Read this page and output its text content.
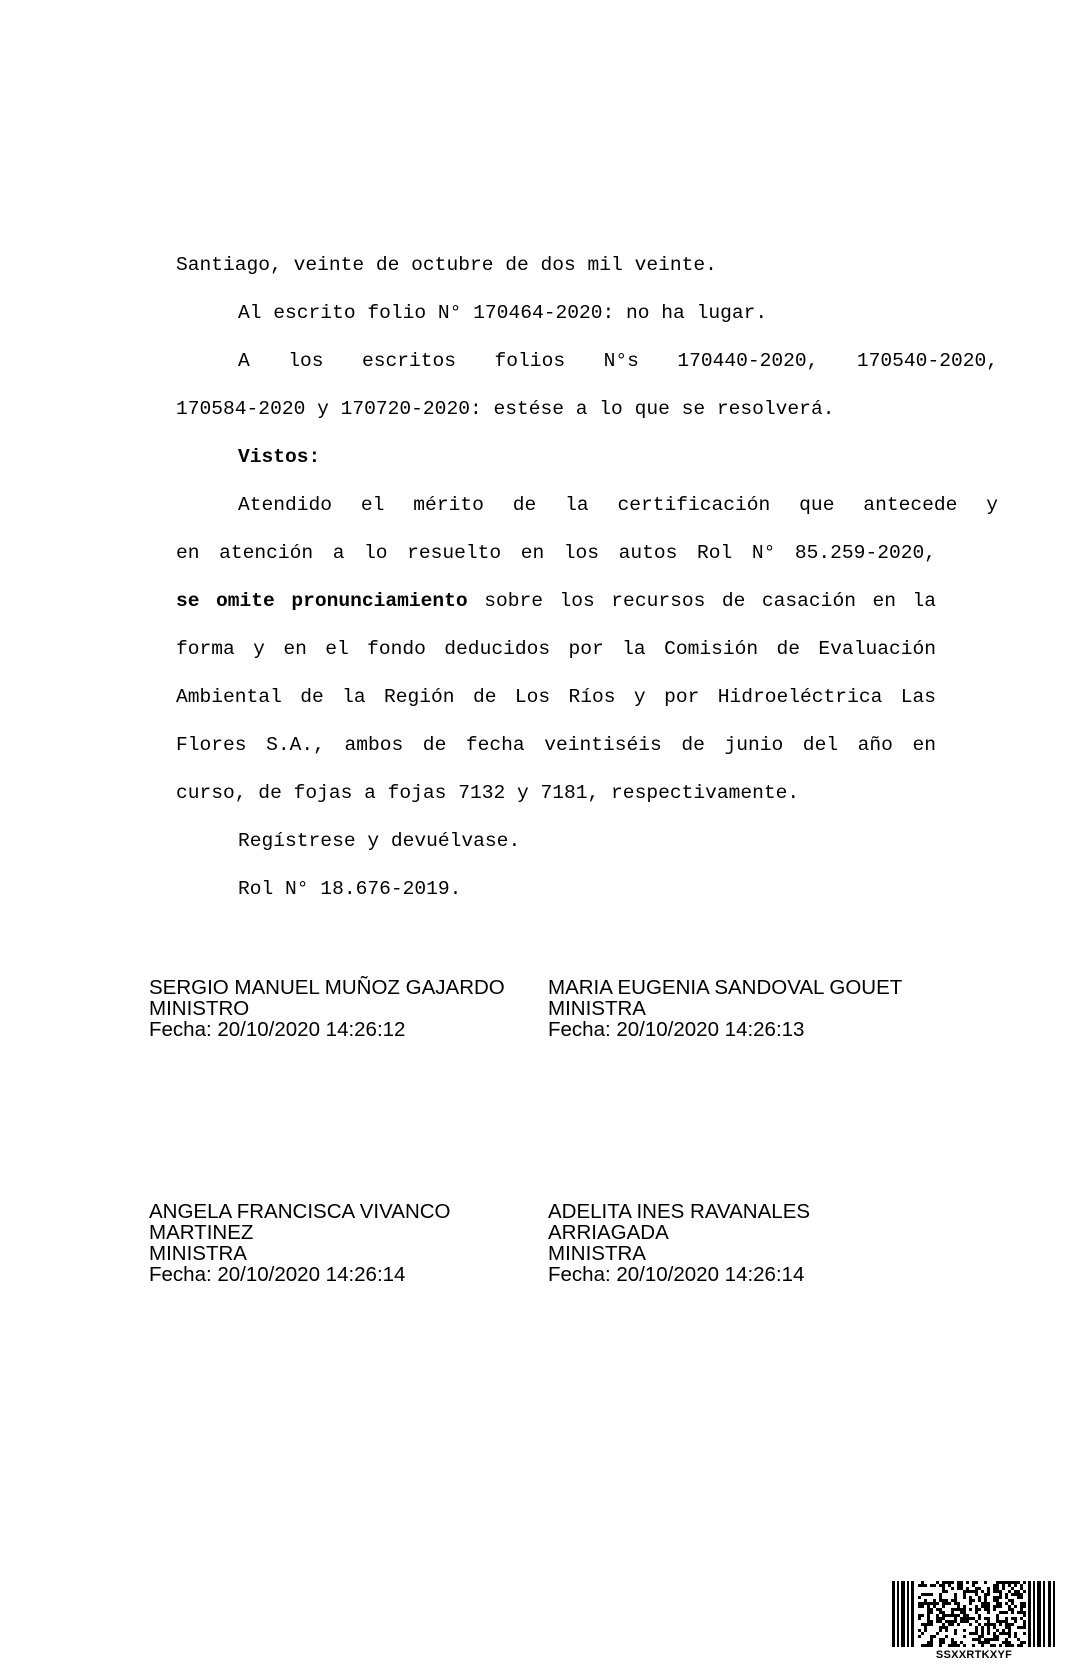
Santiago, veinte de octubre de dos mil veinte.
Al escrito folio N° 170464-2020: no ha lugar.
A los escritos folios N°s 170440-2020, 170540-2020,
170584-2020 y 170720-2020: estése a lo que se resolverá.
Vistos:
Atendido el mérito de la certificación que antecede y
en atención a lo resuelto en los autos Rol N° 85.259-2020,
se omite pronunciamiento sobre los recursos de casación en la
forma y en el fondo deducidos por la Comisión de Evaluación
Ambiental de la Región de Los Ríos y por Hidroeléctrica Las
Flores S.A., ambos de fecha veintiséis de junio del año en
curso, de fojas a fojas 7132 y 7181, respectivamente.
Regístrese y devuélvase.
Rol N° 18.676-2019.
SERGIO MANUEL MUÑOZ GAJARDO
MINISTRO
Fecha: 20/10/2020 14:26:12
MARIA EUGENIA SANDOVAL GOUET
MINISTRA
Fecha: 20/10/2020 14:26:13
ANGELA FRANCISCA VIVANCO
MARTINEZ
MINISTRA
Fecha: 20/10/2020 14:26:14
ADELITA INES RAVANALES
ARRIAGADA
MINISTRA
Fecha: 20/10/2020 14:26:14
SSXXRTKXYF
